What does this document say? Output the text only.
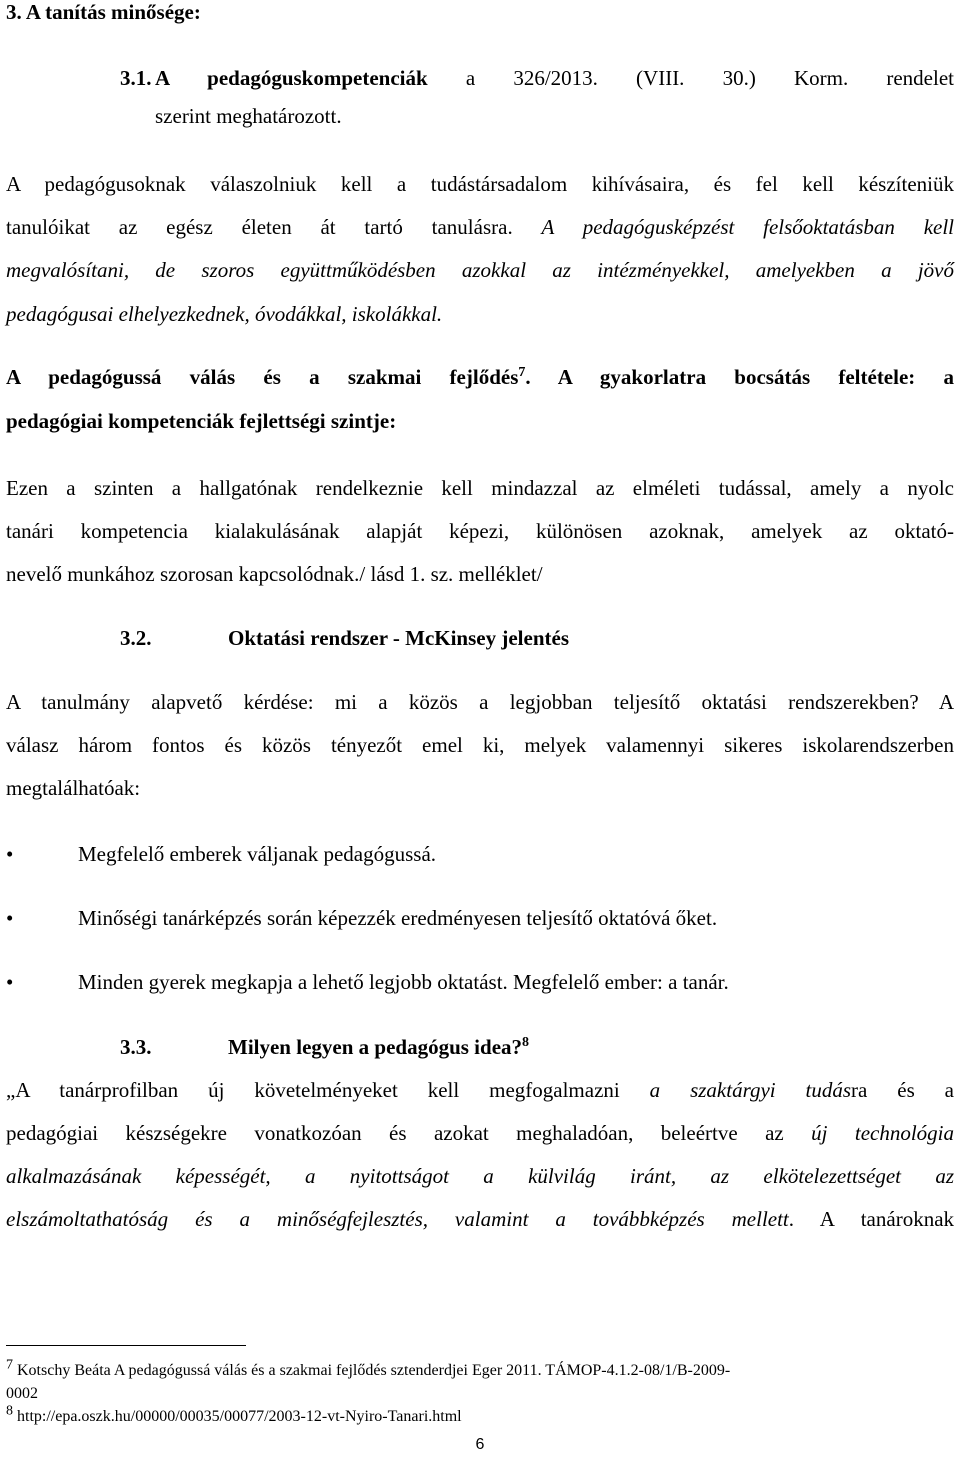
3. A tanítás minősége:
3.1. A pedagóguskompetenciák a 326/2013. (VIII. 30.) Korm. rendelet
szerint meghatározott.
A pedagógusoknak válaszolniuk kell a tudástársadalom kihívásaira, és fel kell készíteniük
tanulóikat az egész életen át tartó tanulásra. A pedagógusképzést felsőoktatásban kell
megvalósítani, de szoros együttműködésben azokkal az intézményekkel, amelyekben a jövő
pedagógusai elhelyezkednek, óvodákkal, iskolákkal.
A pedagógussá válás és a szakmai fejlődés$^7$. A gyakorlatra bocsátás feltétele: a
pedagógiai kompetenciák fejlettségi szintje:
Ezen a szinten a hallgatónak rendelkeznie kell mindazzal az elméleti tudással, amely a nyolc
tanári kompetencia kialakulásának alapját képezi, különösen azoknak, amelyek az oktató-
nevelő munkához szorosan kapcsolódnak./ lásd 1. sz. melléklet/
3.2.	Oktatási rendszer - McKinsey jelentés
A tanulmány alapvető kérdése: mi a közös a legjobban teljesítő oktatási rendszerekben? A
válasz három fontos és közös tényezőt emel ki, melyek valamennyi sikeres iskolarendszerben
megtalálhatóak:
•	Megfelelő emberek váljanak pedagógussá.
•	Minőségi tanárképzés során képezzék eredményesen teljesítő oktatóvá őket.
•	Minden gyerek megkapja a lehető legjobb oktatást. Megfelelő ember: a tanár.
3.3.	Milyen legyen a pedagógus idea?$^8$
„A tanárprofilban új követelményeket kell megfogalmazni a szaktárgyi tudásra és a
pedagógiai készségekre vonatkozóan és azokat meghaladóan, beleértve az új technológia
alkalmazásának képességét, a nyitottságot a külvilág iránt, az elkötelezettséget az
elszámoltathatóság és a minőségfejlesztés, valamint a továbbképzés mellett. A tanároknak
$^7$ Kotschy Beáta A pedagógussá válás és a szakmai fejlődés sztenderdjei Eger 2011. TÁMOP-4.1.2-08/1/B-2009-
0002
$^8$ http://epa.oszk.hu/00000/00035/00077/2003-12-vt-Nyiro-Tanari.html
6
